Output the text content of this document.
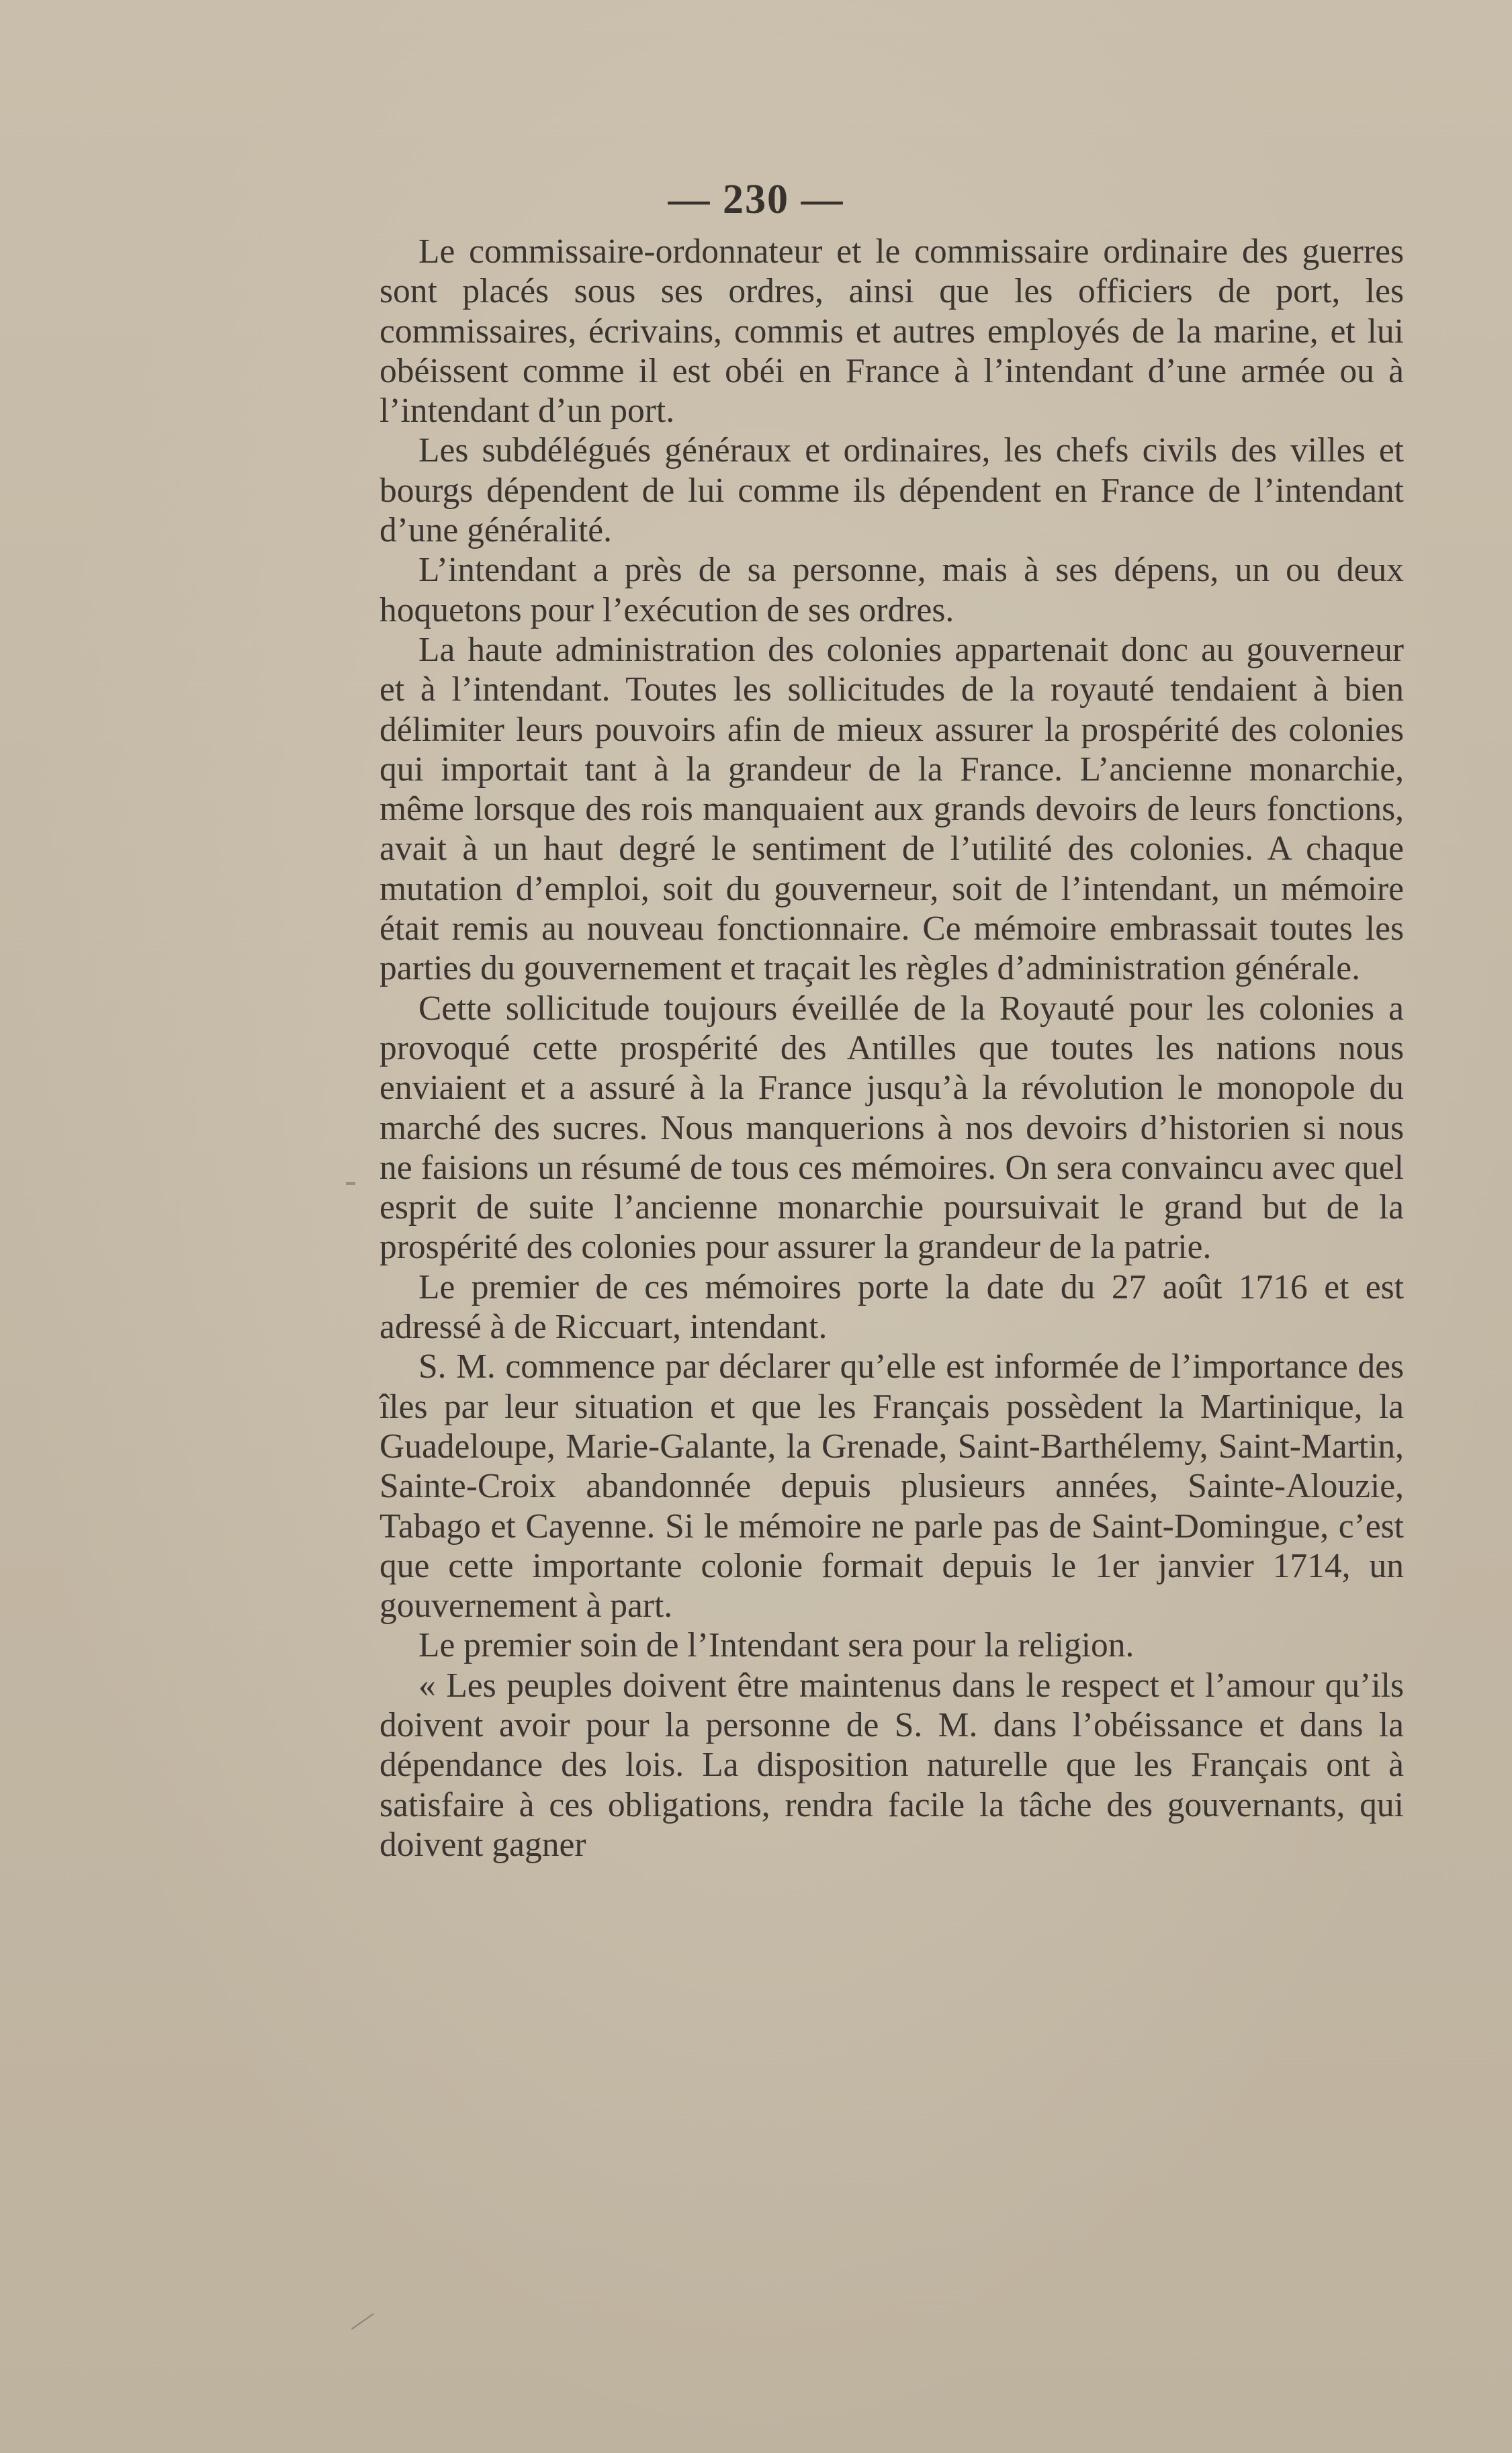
— 230 —

Le commissaire-ordonnateur et le commissaire ordinaire des guerres sont placés sous ses ordres, ainsi que les officiers de port, les commissaires, écrivains, commis et autres employés de la marine, et lui obéissent comme il est obéi en France à l’intendant d’une armée ou à l’intendant d’un port.

Les subdélégués généraux et ordinaires, les chefs civils des villes et bourgs dépendent de lui comme ils dépendent en France de l’intendant d’une généralité.

L’intendant a près de sa personne, mais à ses dépens, un ou deux hoquetons pour l’exécution de ses ordres.

La haute administration des colonies appartenait donc au gouverneur et à l’intendant. Toutes les sollicitudes de la royauté tendaient à bien délimiter leurs pouvoirs afin de mieux assurer la prospérité des colonies qui importait tant à la grandeur de la France. L’ancienne monarchie, même lorsque des rois manquaient aux grands devoirs de leurs fonctions, avait à un haut degré le sentiment de l’utilité des colonies. A chaque mutation d’emploi, soit du gouverneur, soit de l’intendant, un mémoire était remis au nouveau fonctionnaire. Ce mémoire embrassait toutes les parties du gouvernement et traçait les règles d’administration générale.

Cette sollicitude toujours éveillée de la Royauté pour les colonies a provoqué cette prospérité des Antilles que toutes les nations nous enviaient et a assuré à la France jusqu’à la révolution le monopole du marché des sucres. Nous manquerions à nos devoirs d’historien si nous ne faisions un résumé de tous ces mémoires. On sera convaincu avec quel esprit de suite l’ancienne monarchie poursuivait le grand but de la prospérité des colonies pour assurer la grandeur de la patrie.

Le premier de ces mémoires porte la date du 27 août 1716 et est adressé à de Riccuart, intendant.

S. M. commence par déclarer qu’elle est informée de l’importance des îles par leur situation et que les Français possèdent la Martinique, la Guadeloupe, Marie-Galante, la Grenade, Saint-Barthélemy, Saint-Martin, Sainte-Croix abandonnée depuis plusieurs années, Sainte-Alouzie, Tabago et Cayenne. Si le mémoire ne parle pas de Saint-Domingue, c’est que cette importante colonie formait depuis le 1er janvier 1714, un gouvernement à part.

Le premier soin de l’Intendant sera pour la religion.

« Les peuples doivent être maintenus dans le respect et l’amour qu’ils doivent avoir pour la personne de S. M. dans l’obéissance et dans la dépendance des lois. La disposition naturelle que les Français ont à satisfaire à ces obligations, rendra facile la tâche des gouvernants, qui doivent gagner
